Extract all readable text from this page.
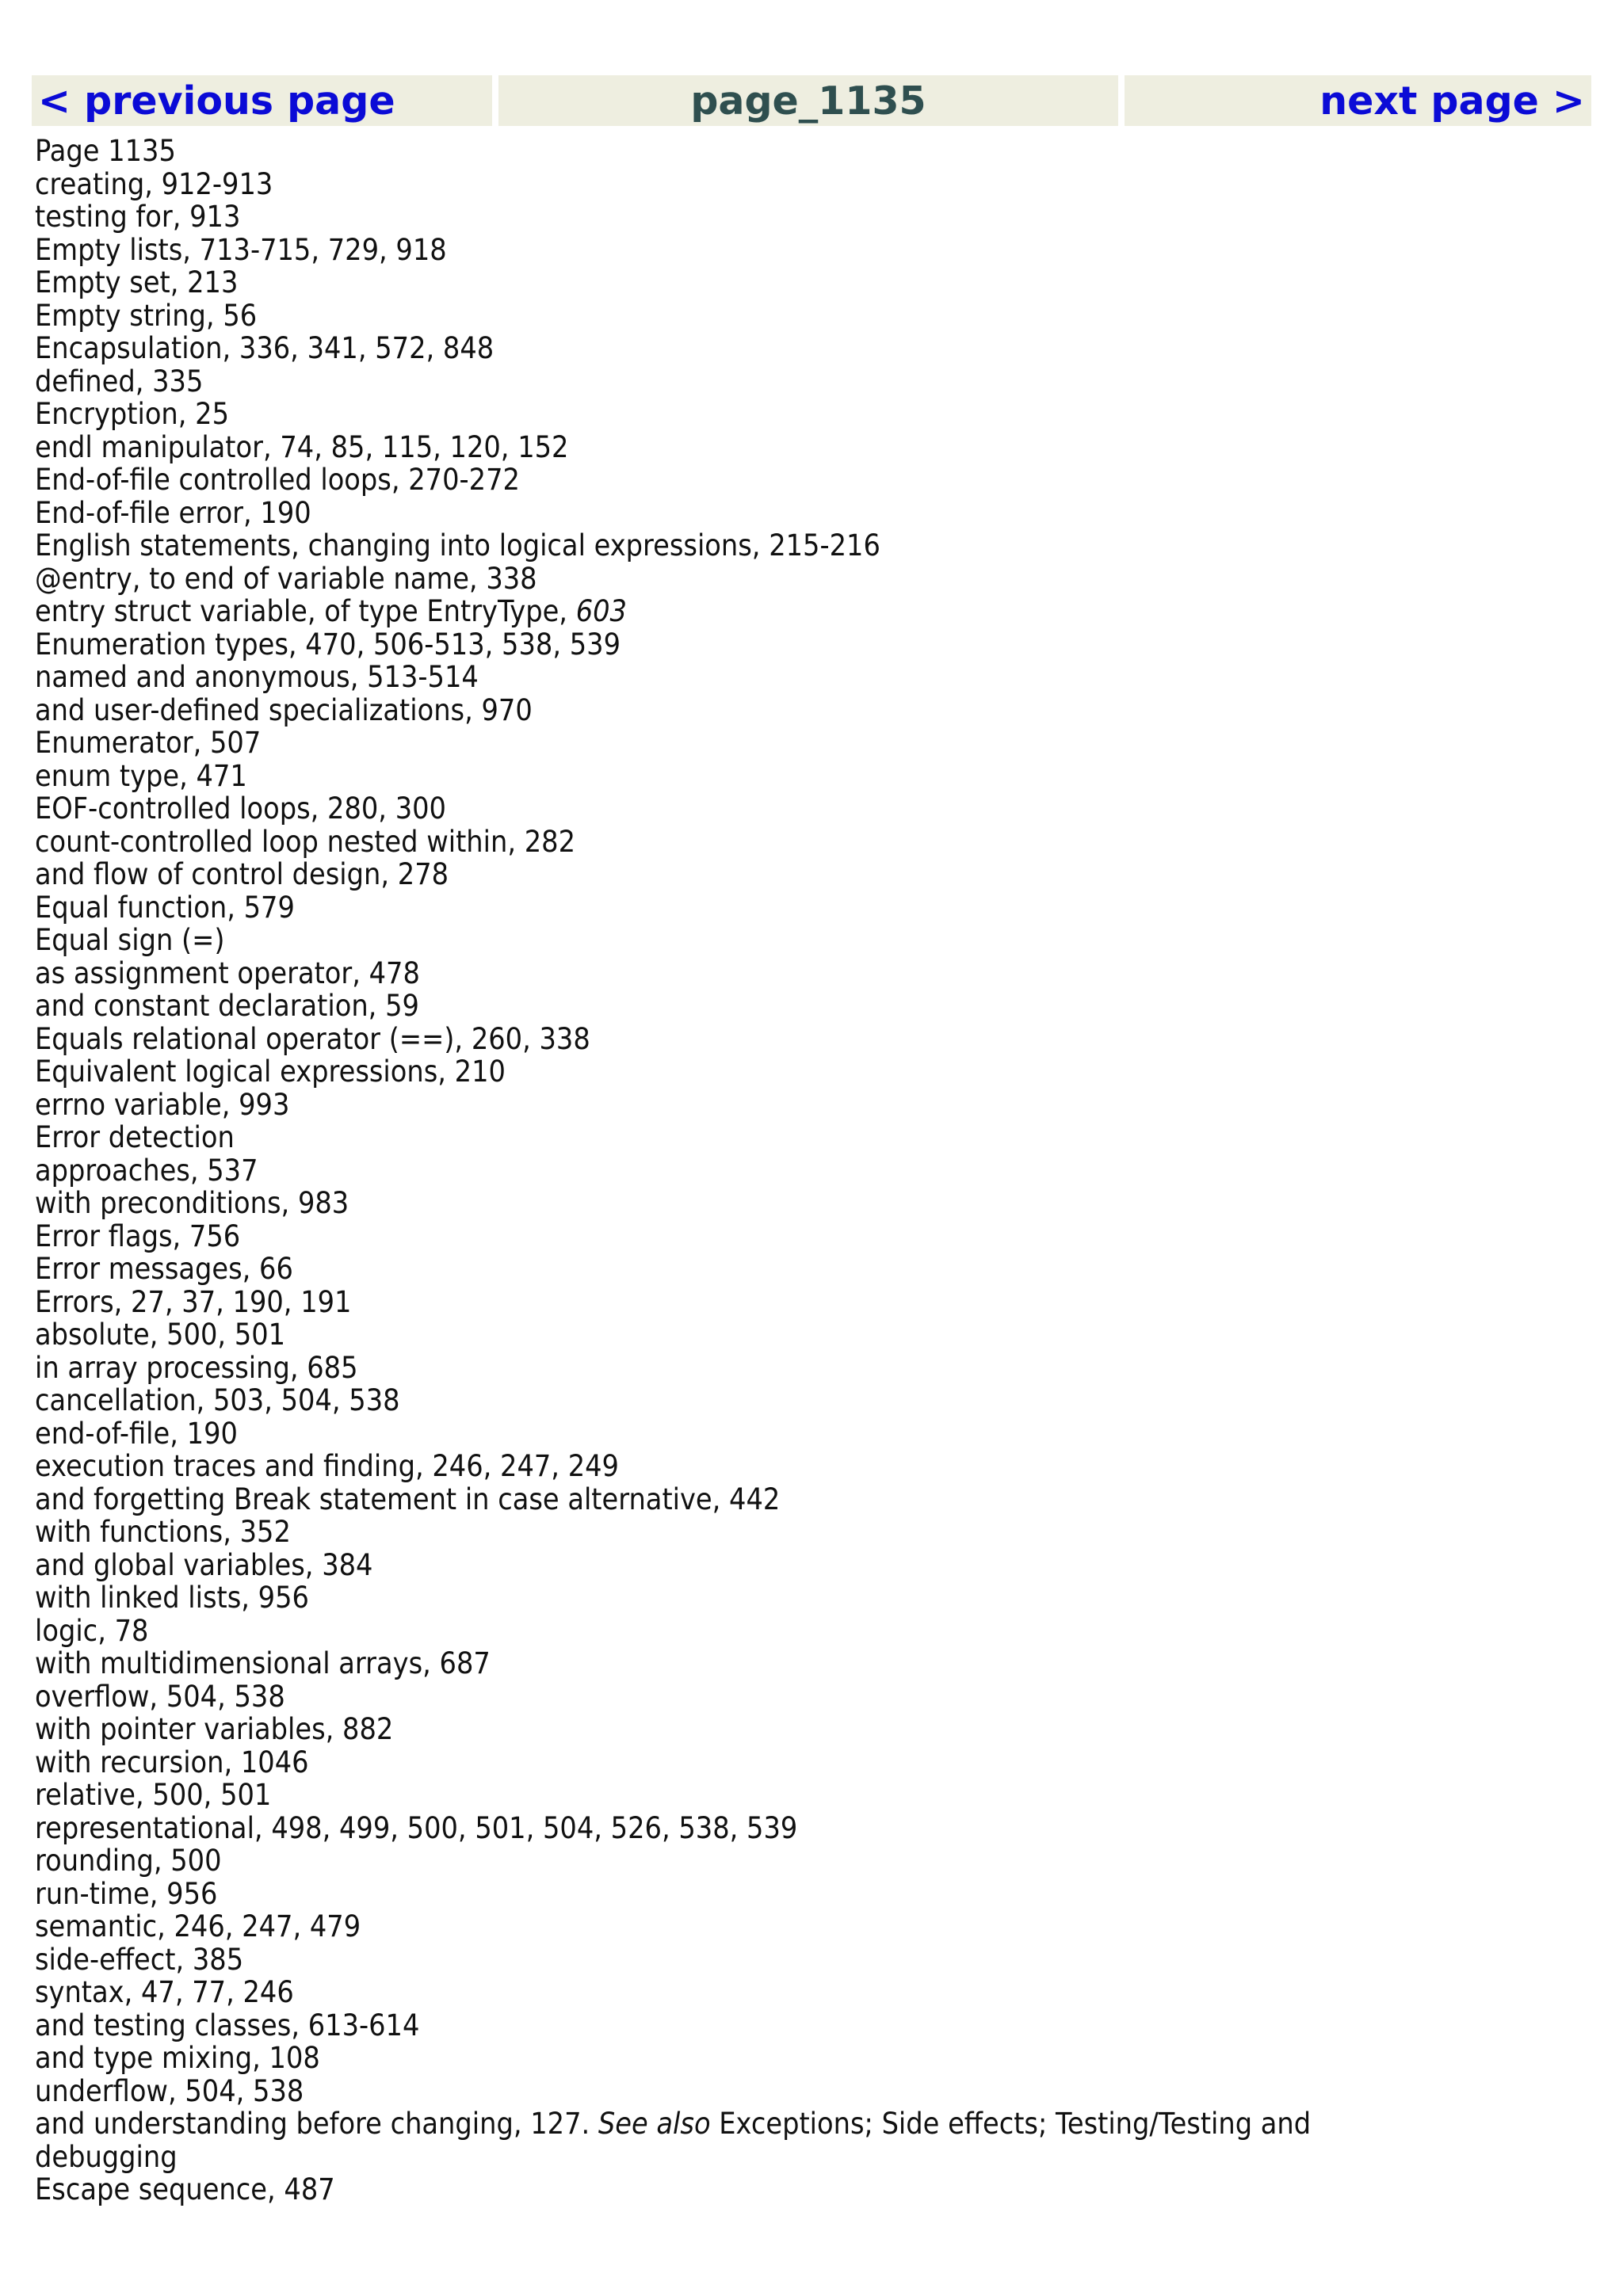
< previous page	page_1135	next page >
Page 1135
creating, 912-913
testing for, 913
Empty lists, 713-715, 729, 918
Empty set, 213
Empty string, 56
Encapsulation, 336, 341, 572, 848
defined, 335
Encryption, 25
endl manipulator, 74, 85, 115, 120, 152
End-of-file controlled loops, 270-272
End-of-file error, 190
English statements, changing into logical expressions, 215-216
@entry, to end of variable name, 338
entry struct variable, of type EntryType, 603
Enumeration types, 470, 506-513, 538, 539
named and anonymous, 513-514
and user-defined specializations, 970
Enumerator, 507
enum type, 471
EOF-controlled loops, 280, 300
count-controlled loop nested within, 282
and flow of control design, 278
Equal function, 579
Equal sign (=)
as assignment operator, 478
and constant declaration, 59
Equals relational operator (==), 260, 338
Equivalent logical expressions, 210
errno variable, 993
Error detection
approaches, 537
with preconditions, 983
Error flags, 756
Error messages, 66
Errors, 27, 37, 190, 191
absolute, 500, 501
in array processing, 685
cancellation, 503, 504, 538
end-of-file, 190
execution traces and finding, 246, 247, 249
and forgetting Break statement in case alternative, 442
with functions, 352
and global variables, 384
with linked lists, 956
logic, 78
with multidimensional arrays, 687
overflow, 504, 538
with pointer variables, 882
with recursion, 1046
relative, 500, 501
representational, 498, 499, 500, 501, 504, 526, 538, 539
rounding, 500
run-time, 956
semantic, 246, 247, 479
side-effect, 385
syntax, 47, 77, 246
and testing classes, 613-614
and type mixing, 108
underflow, 504, 538
and understanding before changing, 127. See also Exceptions; Side effects; Testing/Testing and debugging
Escape sequence, 487
